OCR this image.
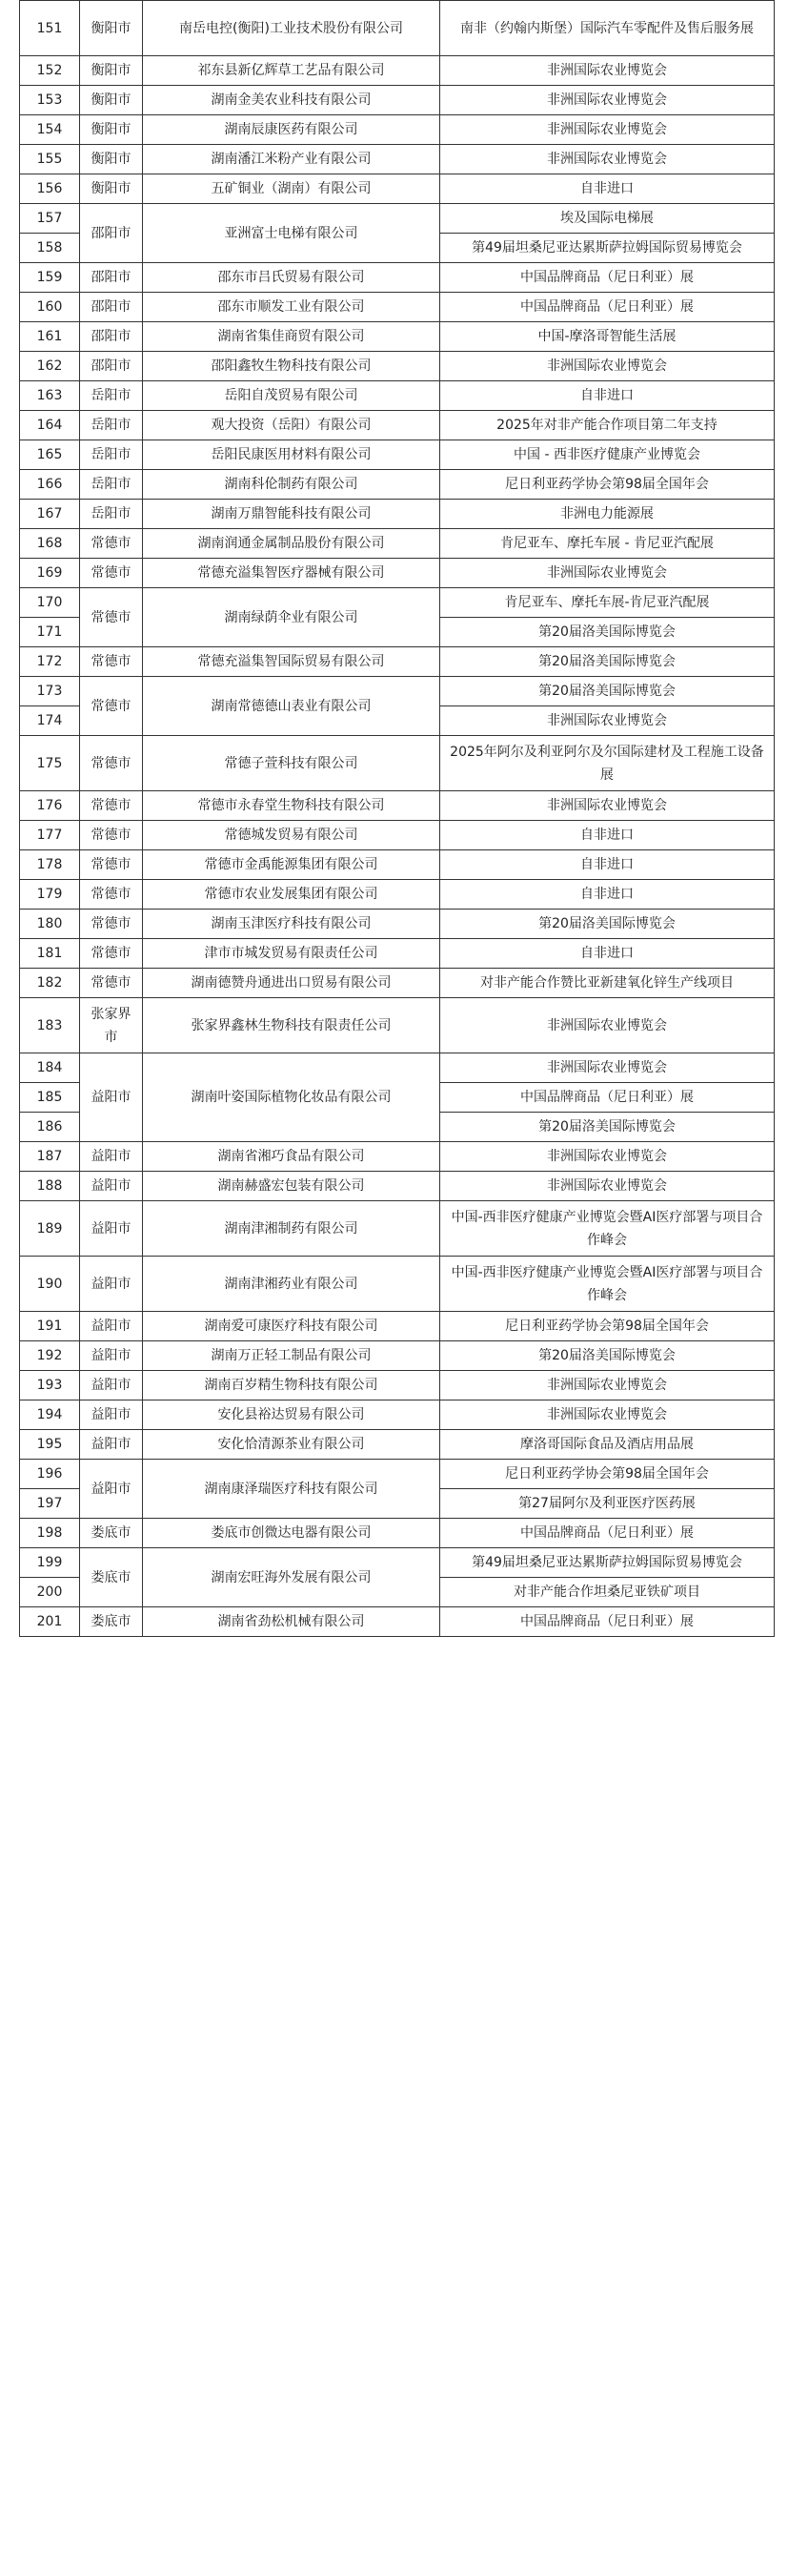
151	衡阳市	南岳电控(衡阳)工业技术股份有限公司	南非（约翰内斯堡）国际汽车零配件及售后服务展
152	衡阳市	祁东县新亿辉草工艺品有限公司	非洲国际农业博览会
153	衡阳市	湖南金美农业科技有限公司	非洲国际农业博览会
154	衡阳市	湖南辰康医药有限公司	非洲国际农业博览会
155	衡阳市	湖南潘江米粉产业有限公司	非洲国际农业博览会
156	衡阳市	五矿铜业（湖南）有限公司	自非进口
157	邵阳市	亚洲富士电梯有限公司	埃及国际电梯展
158			第49届坦桑尼亚达累斯萨拉姆国际贸易博览会
159	邵阳市	邵东市吕氏贸易有限公司	中国品牌商品（尼日利亚）展
160	邵阳市	邵东市顺发工业有限公司	中国品牌商品（尼日利亚）展
161	邵阳市	湖南省集佳商贸有限公司	中国-摩洛哥智能生活展
162	邵阳市	邵阳鑫牧生物科技有限公司	非洲国际农业博览会
163	岳阳市	岳阳自茂贸易有限公司	自非进口
164	岳阳市	观大投资（岳阳）有限公司	2025年对非产能合作项目第二年支持
165	岳阳市	岳阳民康医用材料有限公司	中国 - 西非医疗健康产业博览会
166	岳阳市	湖南科伦制药有限公司	尼日利亚药学协会第98届全国年会
167	岳阳市	湖南万鼎智能科技有限公司	非洲电力能源展
168	常德市	湖南润通金属制品股份有限公司	肯尼亚车、摩托车展 - 肯尼亚汽配展
169	常德市	常德充溢集智医疗器械有限公司	非洲国际农业博览会
170	常德市	湖南绿荫伞业有限公司	肯尼亚车、摩托车展-肯尼亚汽配展
171			第20届洛美国际博览会
172	常德市	常德充溢集智国际贸易有限公司	第20届洛美国际博览会
173	常德市	湖南常德德山表业有限公司	第20届洛美国际博览会
174			非洲国际农业博览会
175	常德市	常德子萱科技有限公司	2025年阿尔及利亚阿尔及尔国际建材及工程施工设备展
176	常德市	常德市永春堂生物科技有限公司	非洲国际农业博览会
177	常德市	常德城发贸易有限公司	自非进口
178	常德市	常德市金禹能源集团有限公司	自非进口
179	常德市	常德市农业发展集团有限公司	自非进口
180	常德市	湖南玉津医疗科技有限公司	第20届洛美国际博览会
181	常德市	津市市城发贸易有限责任公司	自非进口
182	常德市	湖南德赞舟通进出口贸易有限公司	对非产能合作赞比亚新建氧化锌生产线项目
183	张家界市	张家界鑫林生物科技有限责任公司	非洲国际农业博览会
184	益阳市	湖南叶姿国际植物化妆品有限公司	非洲国际农业博览会
185			中国品牌商品（尼日利亚）展
186			第20届洛美国际博览会
187	益阳市	湖南省湘巧食品有限公司	非洲国际农业博览会
188	益阳市	湖南赫盛宏包装有限公司	非洲国际农业博览会
189	益阳市	湖南津湘制药有限公司	中国-西非医疗健康产业博览会暨AI医疗部署与项目合作峰会
190	益阳市	湖南津湘药业有限公司	中国-西非医疗健康产业博览会暨AI医疗部署与项目合作峰会
191	益阳市	湖南爱可康医疗科技有限公司	尼日利亚药学协会第98届全国年会
192	益阳市	湖南万正轻工制品有限公司	第20届洛美国际博览会
193	益阳市	湖南百岁精生物科技有限公司	非洲国际农业博览会
194	益阳市	安化县裕达贸易有限公司	非洲国际农业博览会
195	益阳市	安化恰清源茶业有限公司	摩洛哥国际食品及酒店用品展
196	益阳市	湖南康泽瑞医疗科技有限公司	尼日利亚药学协会第98届全国年会
197			第27届阿尔及利亚医疗医药展
198	娄底市	娄底市创微达电器有限公司	中国品牌商品（尼日利亚）展
199	娄底市	湖南宏旺海外发展有限公司	第49届坦桑尼亚达累斯萨拉姆国际贸易博览会
200			对非产能合作坦桑尼亚铁矿项目
201	娄底市	湖南省劲松机械有限公司	中国品牌商品（尼日利亚）展
